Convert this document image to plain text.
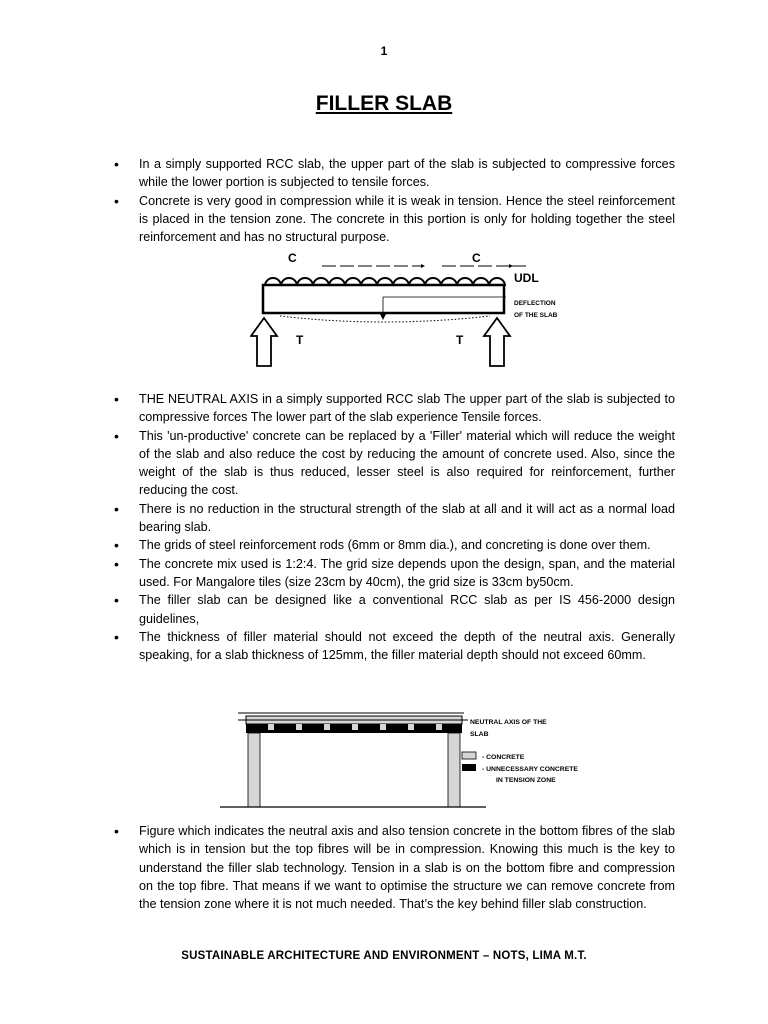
1
FILLER SLAB
• In a simply supported RCC slab, the upper part of the slab is subjected to compressive forces while the lower portion is subjected to tensile forces.
• Concrete is very good in compression while it is weak in tension. Hence the steel reinforcement is placed in the tension zone. The concrete in this portion is only for holding together the steel reinforcement and has no structural purpose.
C	C
UDL
DEFLECTION
OF THE SLAB
T	T
• THE NEUTRAL AXIS in a simply supported RCC slab The upper part of the slab is subjected to compressive forces The lower part of the slab experience Tensile forces.
• This 'un-productive' concrete can be replaced by a 'Filler' material which will reduce the weight of the slab and also reduce the cost by reducing the amount of concrete used. Also, since the weight of the slab is thus reduced, lesser steel is also required for reinforcement, further reducing the cost.
• There is no reduction in the structural strength of the slab at all and it will act as a normal load bearing slab.
• The grids of steel reinforcement rods (6mm or 8mm dia.), and concreting is done over them.
• The concrete mix used is 1:2:4. The grid size depends upon the design, span, and the material used. For Mangalore tiles (size 23cm by 40cm), the grid size is 33cm by50cm.
• The filler slab can be designed like a conventional RCC slab as per IS 456-2000 design guidelines,
• The thickness of filler material should not exceed the depth of the neutral axis. Generally speaking, for a slab thickness of 125mm, the filler material depth should not exceed 60mm.
NEUTRAL AXIS OF THE
SLAB
- CONCRETE
- UNNECESSARY CONCRETE
IN TENSION ZONE
• Figure which indicates the neutral axis and also tension concrete in the bottom fibres of the slab which is in tension but the top fibres will be in compression. Knowing this much is the key to understand the filler slab technology. Tension in a slab is on the bottom fibre and compression on the top fibre. That means if we want to optimise the structure we can remove concrete from the tension zone where it is not much needed. That’s the key behind filler slab construction.
SUSTAINABLE ARCHITECTURE AND ENVIRONMENT – NOTS, LIMA M.T.
